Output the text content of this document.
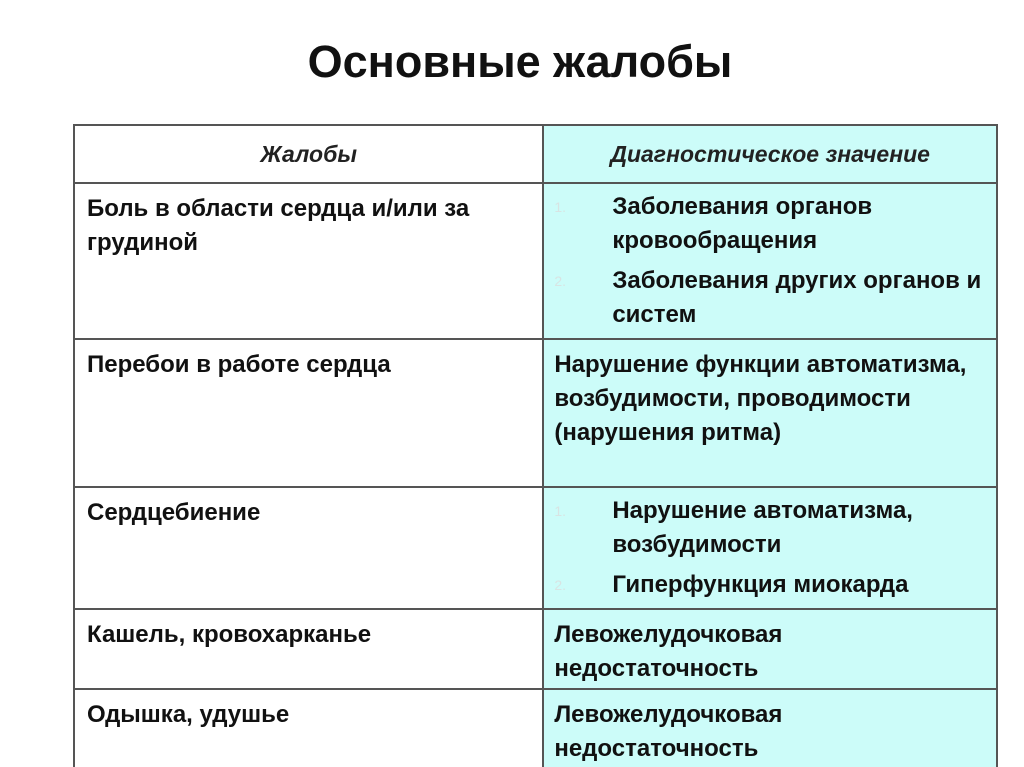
Основные жалобы
Жалобы	Диагностическое значение

Боль в области сердца и/или за грудиной	1. Заболевания органов кровообращения
2. Заболевания других органов и систем

Перебои в работе сердца	Нарушение функции автоматизма, возбудимости, проводимости (нарушения ритма)

Сердцебиение	1. Нарушение автоматизма, возбудимости
2. Гиперфункция миокарда

Кашель, кровохарканье	Левожелудочковая недостаточность

Одышка, удушье	Левожелудочковая недостаточность
